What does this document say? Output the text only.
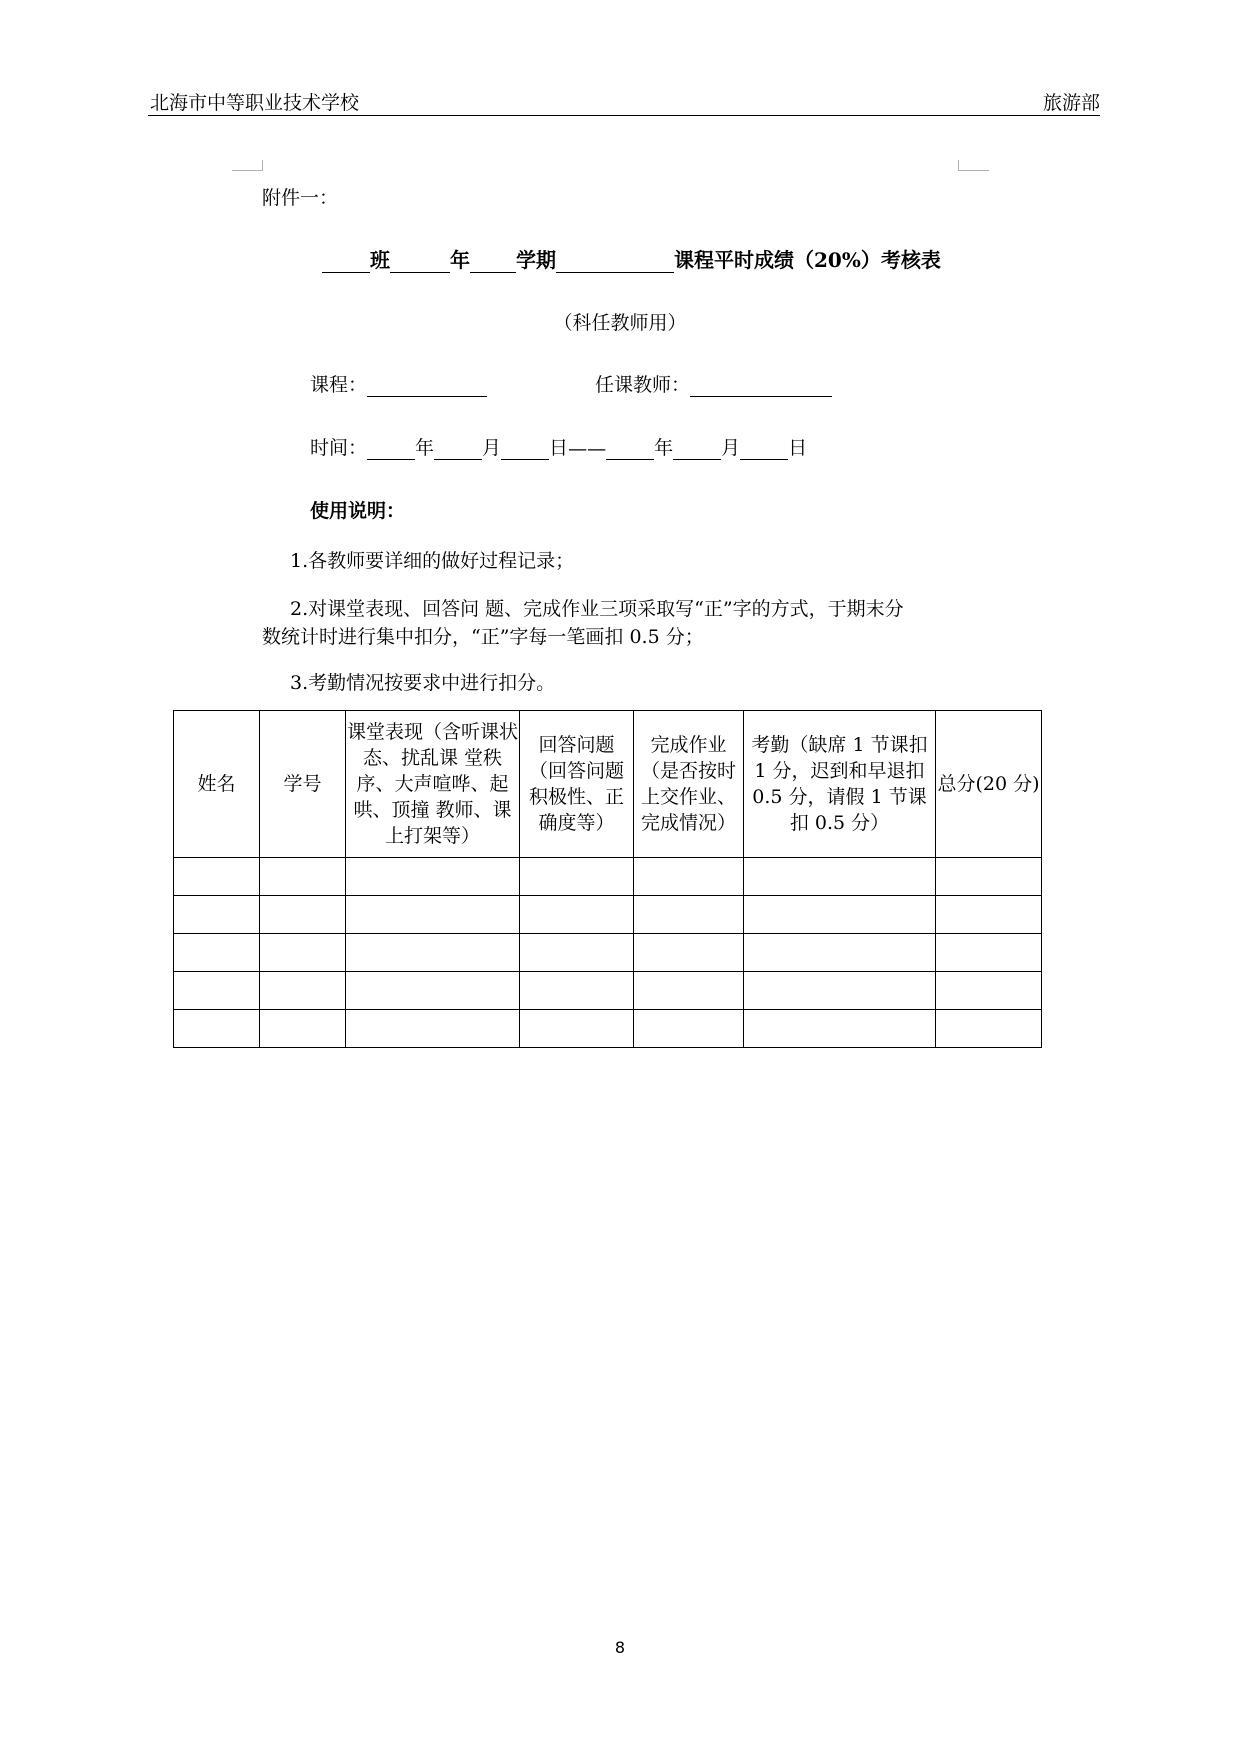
北海市中等职业技术学校	旅游部
附件一：
班	年 学期	课程平时成绩（20%）考核表
（科任教师用）
课程：	任课教师：
时间：	年	月	日 ——	年	月	日
使用说明：
1.各教师要详细的做好过程记录；
2.对课堂表现、回答问 题、完成作业三项采取写“正”字的方式，于期末分
数统计时进行集中扣分，“正”字每一笔画扣 0.5 分；
3.考勤情况按要求中进行扣分。
姓名	学号	课堂表现（含听课状态、扰乱课 堂秩序、大声喧哗、起哄、顶撞 教师、课上打架等）	回答问题（回答问题积极性、正确度等）	完成作业（是否按时上交作业、完成情况）	考勤（缺席 1 节课扣 1 分，迟到和早退扣 0.5 分，请假 1 节课扣 0.5 分）	总分(20 分)

8
